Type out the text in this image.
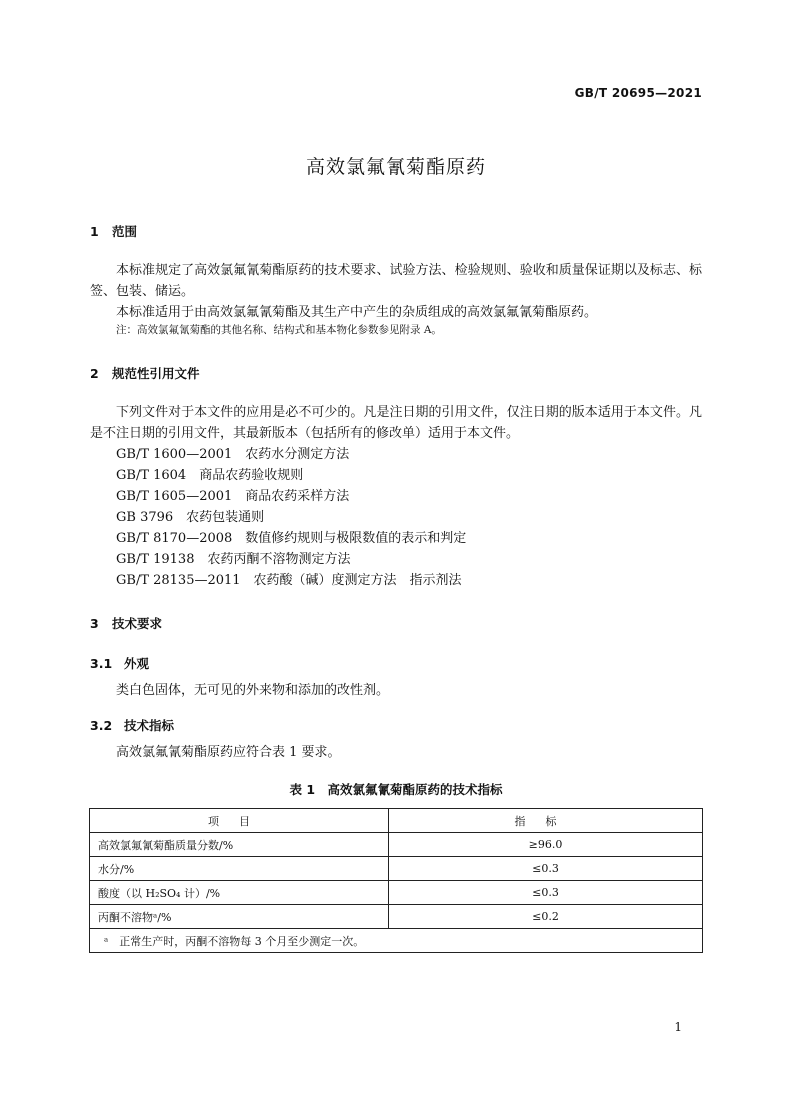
GB/T 20695—2021
高效氯氟氰菊酯原药
1 范围
本标准规定了高效氯氟氰菊酯原药的技术要求、试验方法、检验规则、验收和质量保证期以及标志、标签、包装、储运。
本标准适用于由高效氯氟氰菊酯及其生产中产生的杂质组成的高效氯氟氰菊酯原药。
注：高效氯氟氰菊酯的其他名称、结构式和基本物化参数参见附录 A。
2 规范性引用文件
下列文件对于本文件的应用是必不可少的。凡是注日期的引用文件，仅注日期的版本适用于本文件。凡是不注日期的引用文件，其最新版本（包括所有的修改单）适用于本文件。
GB/T 1600—2001　农药水分测定方法
GB/T 1604　商品农药验收规则
GB/T 1605—2001　商品农药采样方法
GB 3796　农药包装通则
GB/T 8170—2008　数值修约规则与极限数值的表示和判定
GB/T 19138　农药丙酮不溶物测定方法
GB/T 28135—2011　农药酸（碱）度测定方法　指示剂法
3 技术要求
3.1 外观
类白色固体，无可见的外来物和添加的改性剂。
3.2 技术指标
高效氯氟氰菊酯原药应符合表 1 要求。
表 1　高效氯氟氰菊酯原药的技术指标
项目	指标
高效氯氟氰菊酯质量分数/%	≥96.0
水分/%	≤0.3
酸度（以 H₂SO₄ 计）/%	≤0.3
丙酮不溶物ᵃ/%	≤0.2
ᵃ　正常生产时，丙酮不溶物每 3 个月至少测定一次。	
1
